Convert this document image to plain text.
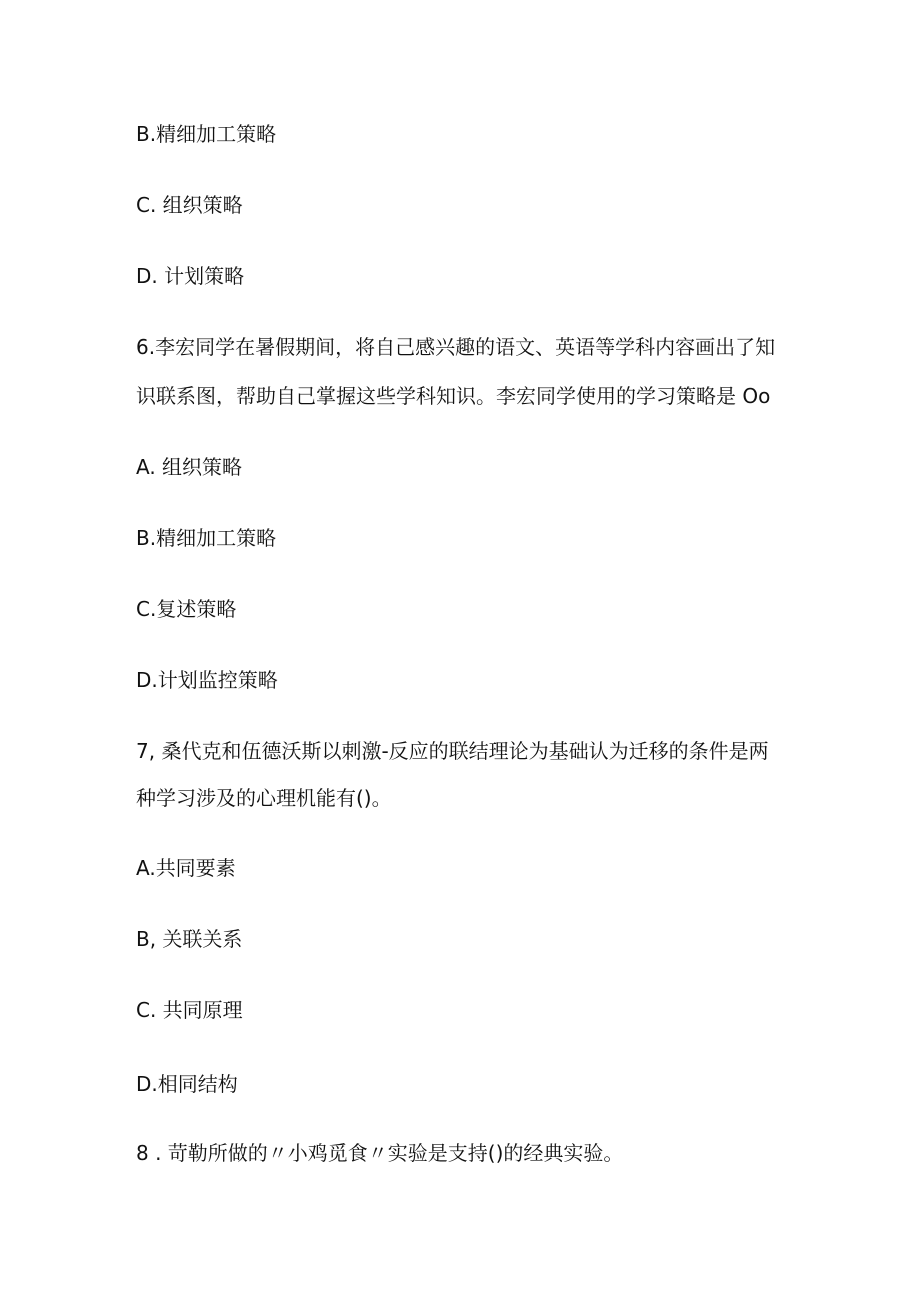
B.精细加工策略

C. 组织策略

D. 计划策略

6.李宏同学在暑假期间，将自己感兴趣的语文、英语等学科内容画出了知

识联系图，帮助自己掌握这些学科知识。李宏同学使用的学习策略是 Oo

A. 组织策略

B.精细加工策略

C.复述策略

D.计划监控策略

7, 桑代克和伍德沃斯以刺激-反应的联结理论为基础认为迁移的条件是两

种学习涉及的心理机能有()。

A.共同要素

B, 关联关系

C. 共同原理

D.相同结构

8 . 苛勒所做的〃小鸡觅食〃实验是支持()的经典实验。
